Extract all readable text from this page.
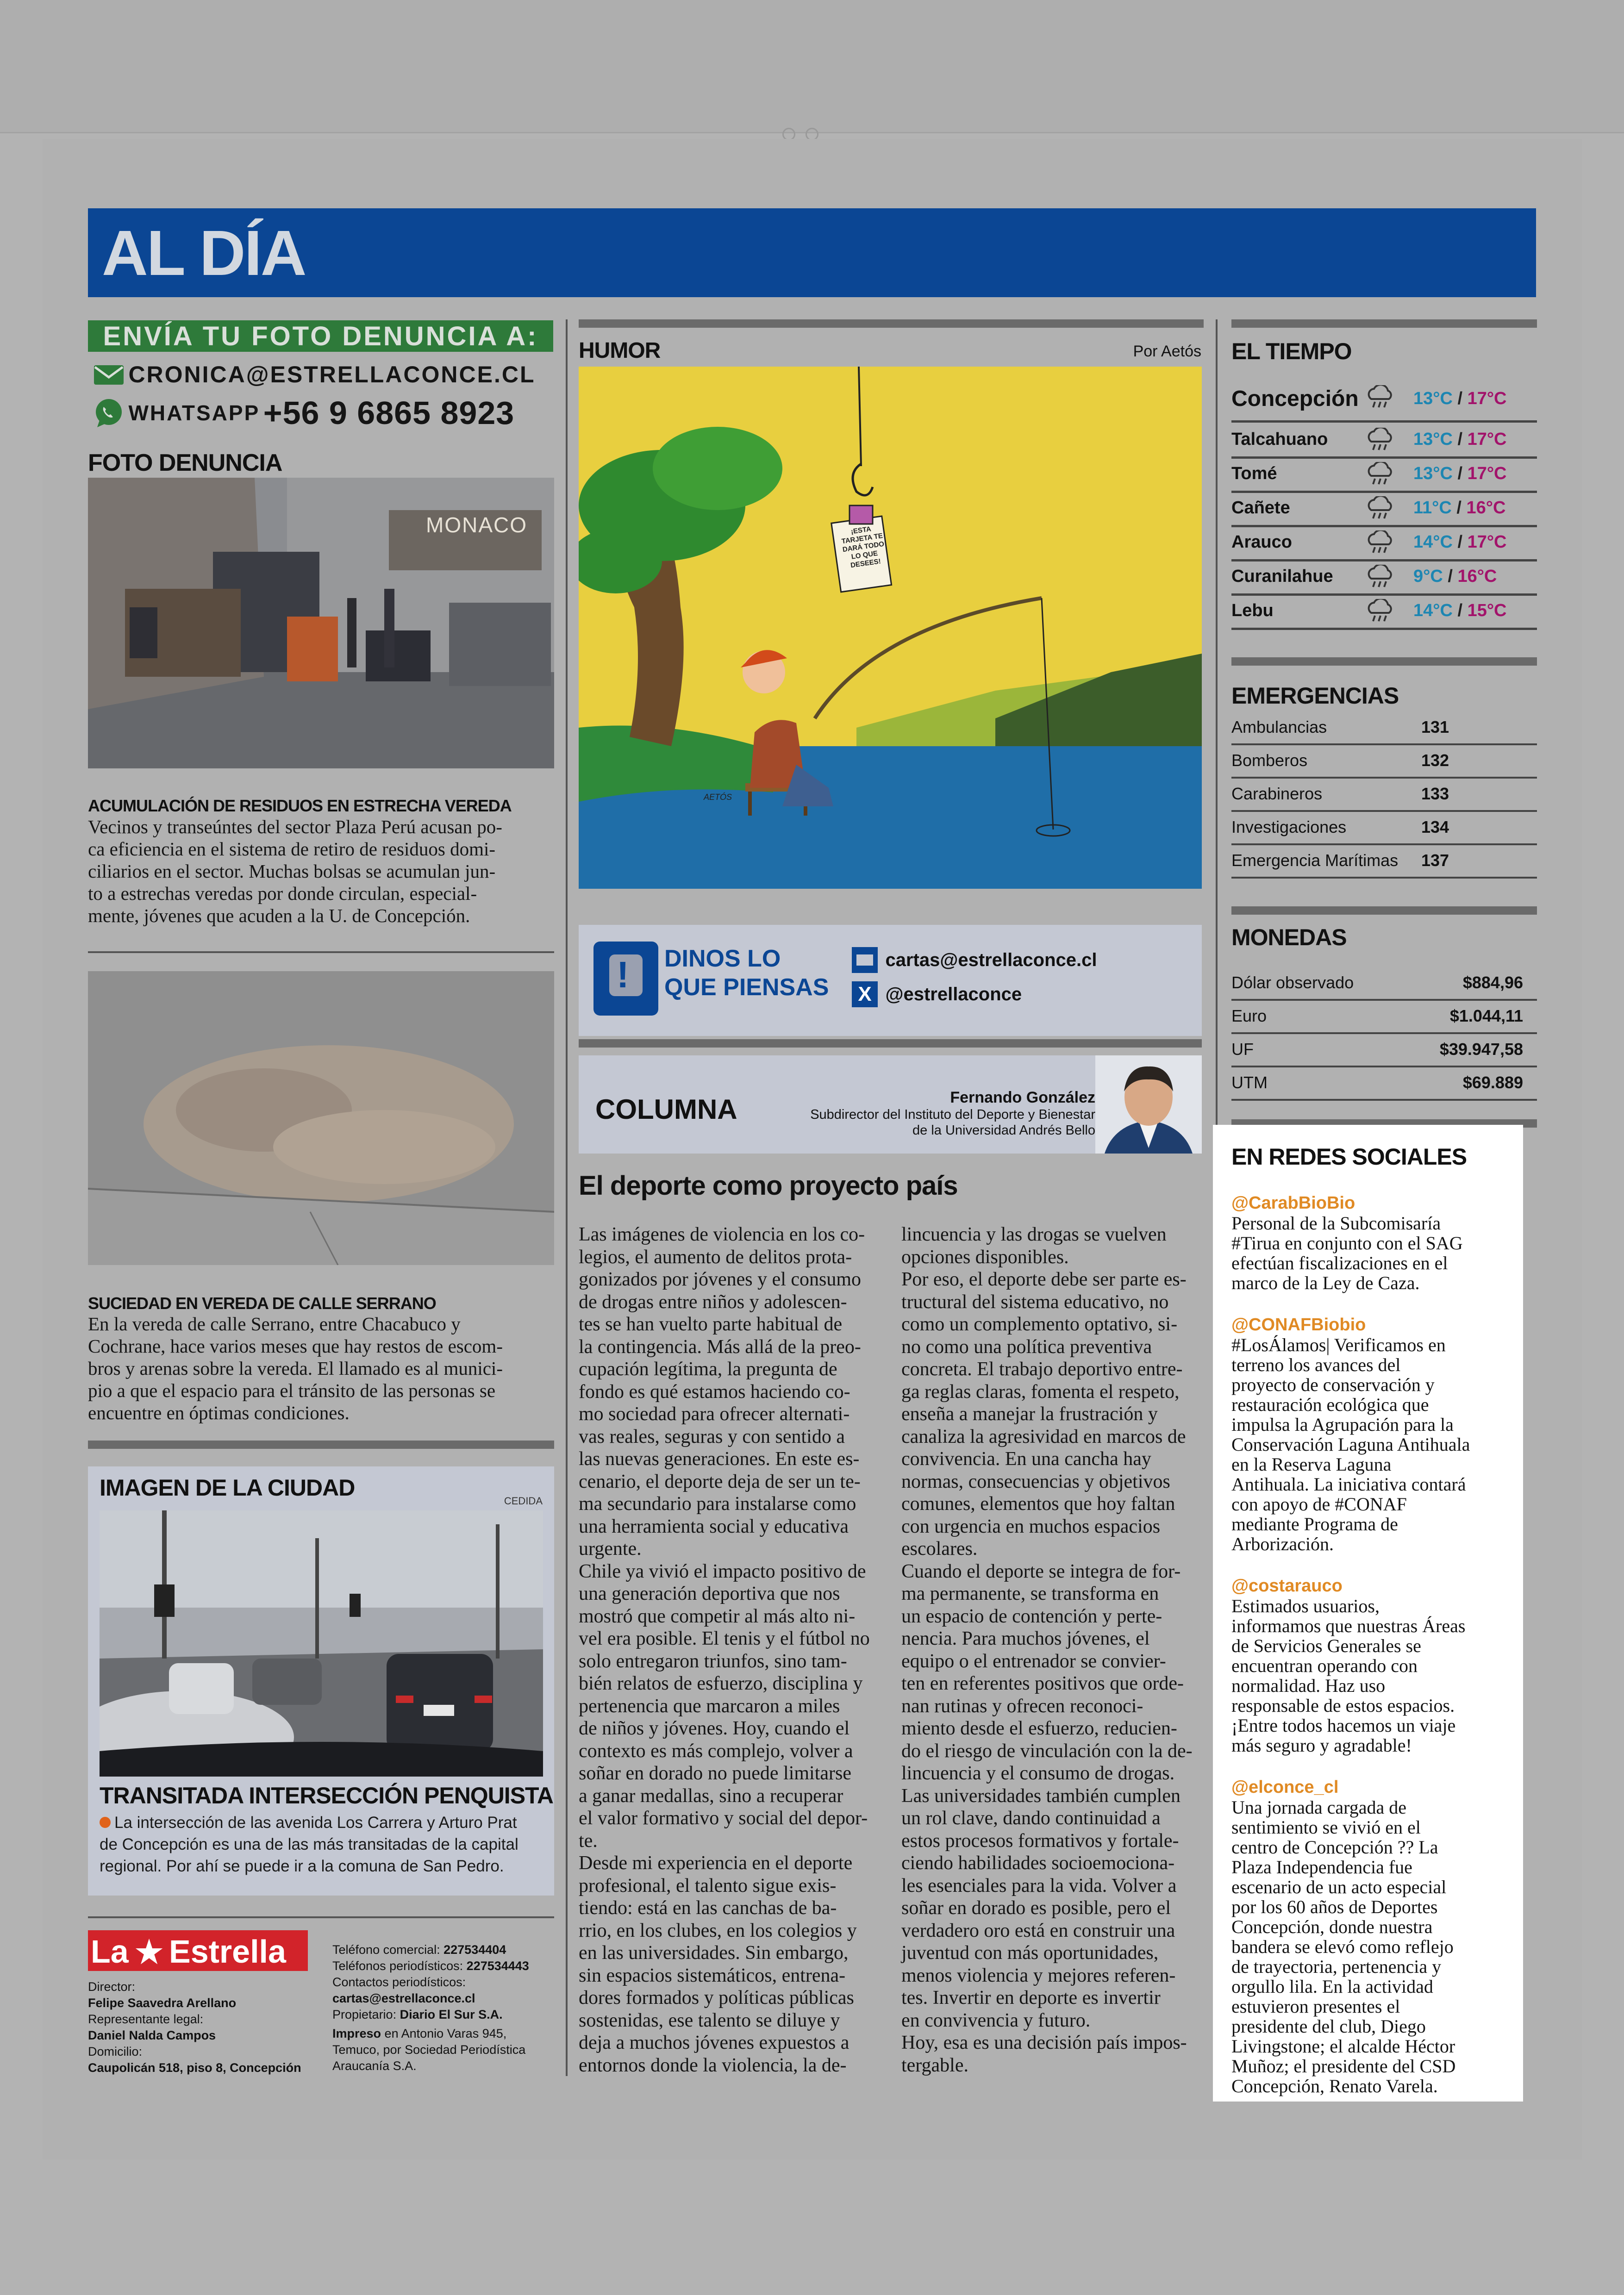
AL DÍA
ENVÍA TU FOTO DENUNCIA A:
CRONICA@ESTRELLACONCE.CL
WHATSAPP +56 9 6865 8923
FOTO DENUNCIA
MONACO
ACUMULACIÓN DE RESIDUOS EN ESTRECHA VEREDA
Vecinos y transeúntes del sector Plaza Perú acusan po-
ca eficiencia en el sistema de retiro de residuos domi-
ciliarios en el sector. Muchas bolsas se acumulan jun-
to a estrechas veredas por donde circulan, especial-
mente, jóvenes que acuden a la U. de Concepción.
SUCIEDAD EN VEREDA DE CALLE SERRANO
En la vereda de calle Serrano, entre Chacabuco y
Cochrane, hace varios meses que hay restos de escom-
bros y arenas sobre la vereda. El llamado es al munici-
pio a que el espacio para el tránsito de las personas se
encuentre en óptimas condiciones.
IMAGEN DE LA CIUDAD
CEDIDA
TRANSITADA INTERSECCIÓN PENQUISTA
La intersección de las avenida Los Carrera y Arturo Prat
de Concepción es una de las más transitadas de la capital
regional. Por ahí se puede ir a la comuna de San Pedro.
La ★ Estrella
Director:
Felipe Saavedra Arellano
Representante legal:
Daniel Nalda Campos
Domicilio:
Caupolicán 518, piso 8, Concepción
Teléfono comercial: 227534404
Teléfonos periodísticos: 227534443
Contactos periodísticos:
cartas@estrellaconce.cl
Propietario: Diario El Sur S.A.
Impreso en Antonio Varas 945,
Temuco, por Sociedad Periodística
Araucanía S.A.
HUMOR	Por Aetós
¡ESTA TARJETA TE DARÁ TODO LO QUE DESEES!
AETÓS
! DINOS LO
QUE PIENSAS
cartas@estrellaconce.cl
X @estrellaconce
COLUMNA	Fernando González
Subdirector del Instituto del Deporte y Bienestar
de la Universidad Andrés Bello
El deporte como proyecto país
Las imágenes de violencia en los co-
legios, el aumento de delitos prota-
gonizados por jóvenes y el consumo
de drogas entre niños y adolescen-
tes se han vuelto parte habitual de
la contingencia. Más allá de la preo-
cupación legítima, la pregunta de
fondo es qué estamos haciendo co-
mo sociedad para ofrecer alternati-
vas reales, seguras y con sentido a
las nuevas generaciones. En este es-
cenario, el deporte deja de ser un te-
ma secundario para instalarse como
una herramienta social y educativa
urgente.
Chile ya vivió el impacto positivo de
una generación deportiva que nos
mostró que competir al más alto ni-
vel era posible. El tenis y el fútbol no
solo entregaron triunfos, sino tam-
bién relatos de esfuerzo, disciplina y
pertenencia que marcaron a miles
de niños y jóvenes. Hoy, cuando el
contexto es más complejo, volver a
soñar en dorado no puede limitarse
a ganar medallas, sino a recuperar
el valor formativo y social del depor-
te.
Desde mi experiencia en el deporte
profesional, el talento sigue exis-
tiendo: está en las canchas de ba-
rrio, en los clubes, en los colegios y
en las universidades. Sin embargo,
sin espacios sistemáticos, entrena-
dores formados y políticas públicas
sostenidas, ese talento se diluye y
deja a muchos jóvenes expuestos a
entornos donde la violencia, la de-
lincuencia y las drogas se vuelven
opciones disponibles.
Por eso, el deporte debe ser parte es-
tructural del sistema educativo, no
como un complemento optativo, si-
no como una política preventiva
concreta. El trabajo deportivo entre-
ga reglas claras, fomenta el respeto,
enseña a manejar la frustración y
canaliza la agresividad en marcos de
convivencia. En una cancha hay
normas, consecuencias y objetivos
comunes, elementos que hoy faltan
con urgencia en muchos espacios
escolares.
Cuando el deporte se integra de for-
ma permanente, se transforma en
un espacio de contención y perte-
nencia. Para muchos jóvenes, el
equipo o el entrenador se convier-
ten en referentes positivos que orde-
nan rutinas y ofrecen reconoci-
miento desde el esfuerzo, reducien-
do el riesgo de vinculación con la de-
lincuencia y el consumo de drogas.
Las universidades también cumplen
un rol clave, dando continuidad a
estos procesos formativos y fortale-
ciendo habilidades socioemociona-
les esenciales para la vida. Volver a
soñar en dorado es posible, pero el
verdadero oro está en construir una
juventud con más oportunidades,
menos violencia y mejores referen-
tes. Invertir en deporte es invertir
en convivencia y futuro.
Hoy, esa es una decisión país impos-
tergable.
EL TIEMPO
Concepción	13°C / 17°C
Talcahuano	13°C / 17°C
Tomé	13°C / 17°C
Cañete	11°C / 16°C
Arauco	14°C / 17°C
Curanilahue	9°C / 16°C
Lebu	14°C / 15°C
EMERGENCIAS
Ambulancias	131
Bomberos	132
Carabineros	133
Investigaciones	134
Emergencia Marítimas 137
MONEDAS
Dólar observado	$884,96
Euro	$1.044,11
UF	$39.947,58
UTM	$69.889
EN REDES SOCIALES
@CarabBioBio
Personal de la Subcomisaría
#Tirua en conjunto con el SAG
efectúan fiscalizaciones en el
marco de la Ley de Caza.
@CONAFBiobio
#LosÁlamos| Verificamos en
terreno los avances del
proyecto de conservación y
restauración ecológica que
impulsa la Agrupación para la
Conservación Laguna Antihuala
en la Reserva Laguna
Antihuala. La iniciativa contará
con apoyo de #CONAF
mediante Programa de
Arborización.
@costarauco
Estimados usuarios,
informamos que nuestras Áreas
de Servicios Generales se
encuentran operando con
normalidad. Haz uso
responsable de estos espacios.
¡Entre todos hacemos un viaje
más seguro y agradable!
@elconce_cl
Una jornada cargada de
sentimiento se vivió en el
centro de Concepción ?? La
Plaza Independencia fue
escenario de un acto especial
por los 60 años de Deportes
Concepción, donde nuestra
bandera se elevó como reflejo
de trayectoria, pertenencia y
orgullo lila. En la actividad
estuvieron presentes el
presidente del club, Diego
Livingstone; el alcalde Héctor
Muñoz; el presidente del CSD
Concepción, Renato Varela.
